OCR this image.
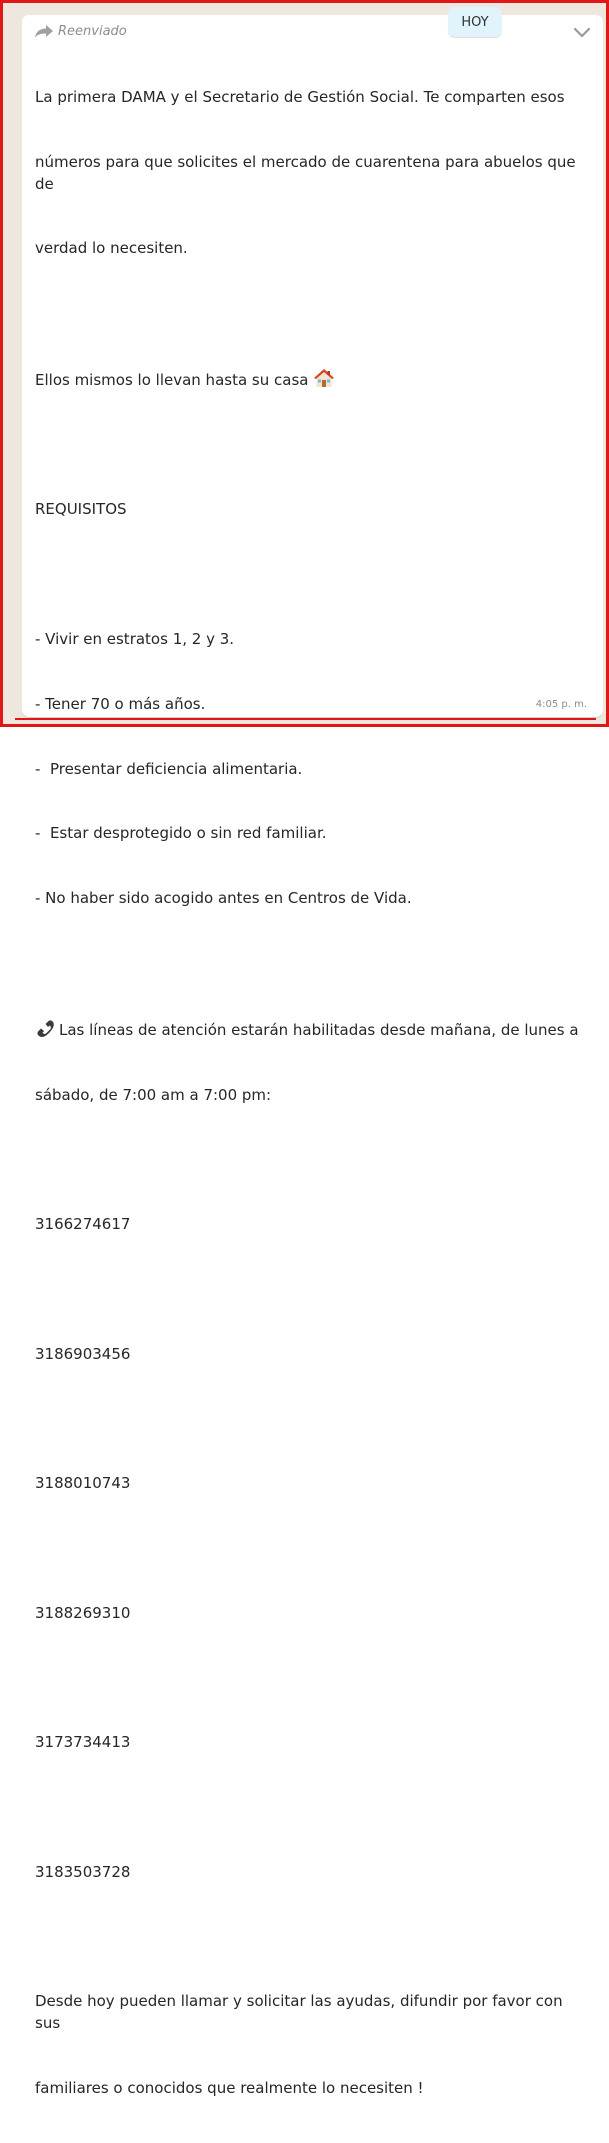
HOY
Reenviado

La primera DAMA y el Secretario de Gestión Social. Te comparten esos

números para que solicites el mercado de cuarentena para abuelos que de

verdad lo necesiten.

Ellos mismos lo llevan hasta su casa

REQUISITOS

- Vivir en estratos 1, 2 y 3.

- Tener 70 o más años.

-  Presentar deficiencia alimentaria.

-  Estar desprotegido o sin red familiar.

- No haber sido acogido antes en Centros de Vida.

Las líneas de atención estarán habilitadas desde mañana, de lunes a

sábado, de 7:00 am a 7:00 pm:

3166274617

3186903456

3188010743

3188269310

3173734413

3183503728

Desde hoy pueden llamar y solicitar las ayudas, difundir por favor con sus

familiares o conocidos que realmente lo necesiten !

4:05 p. m.
